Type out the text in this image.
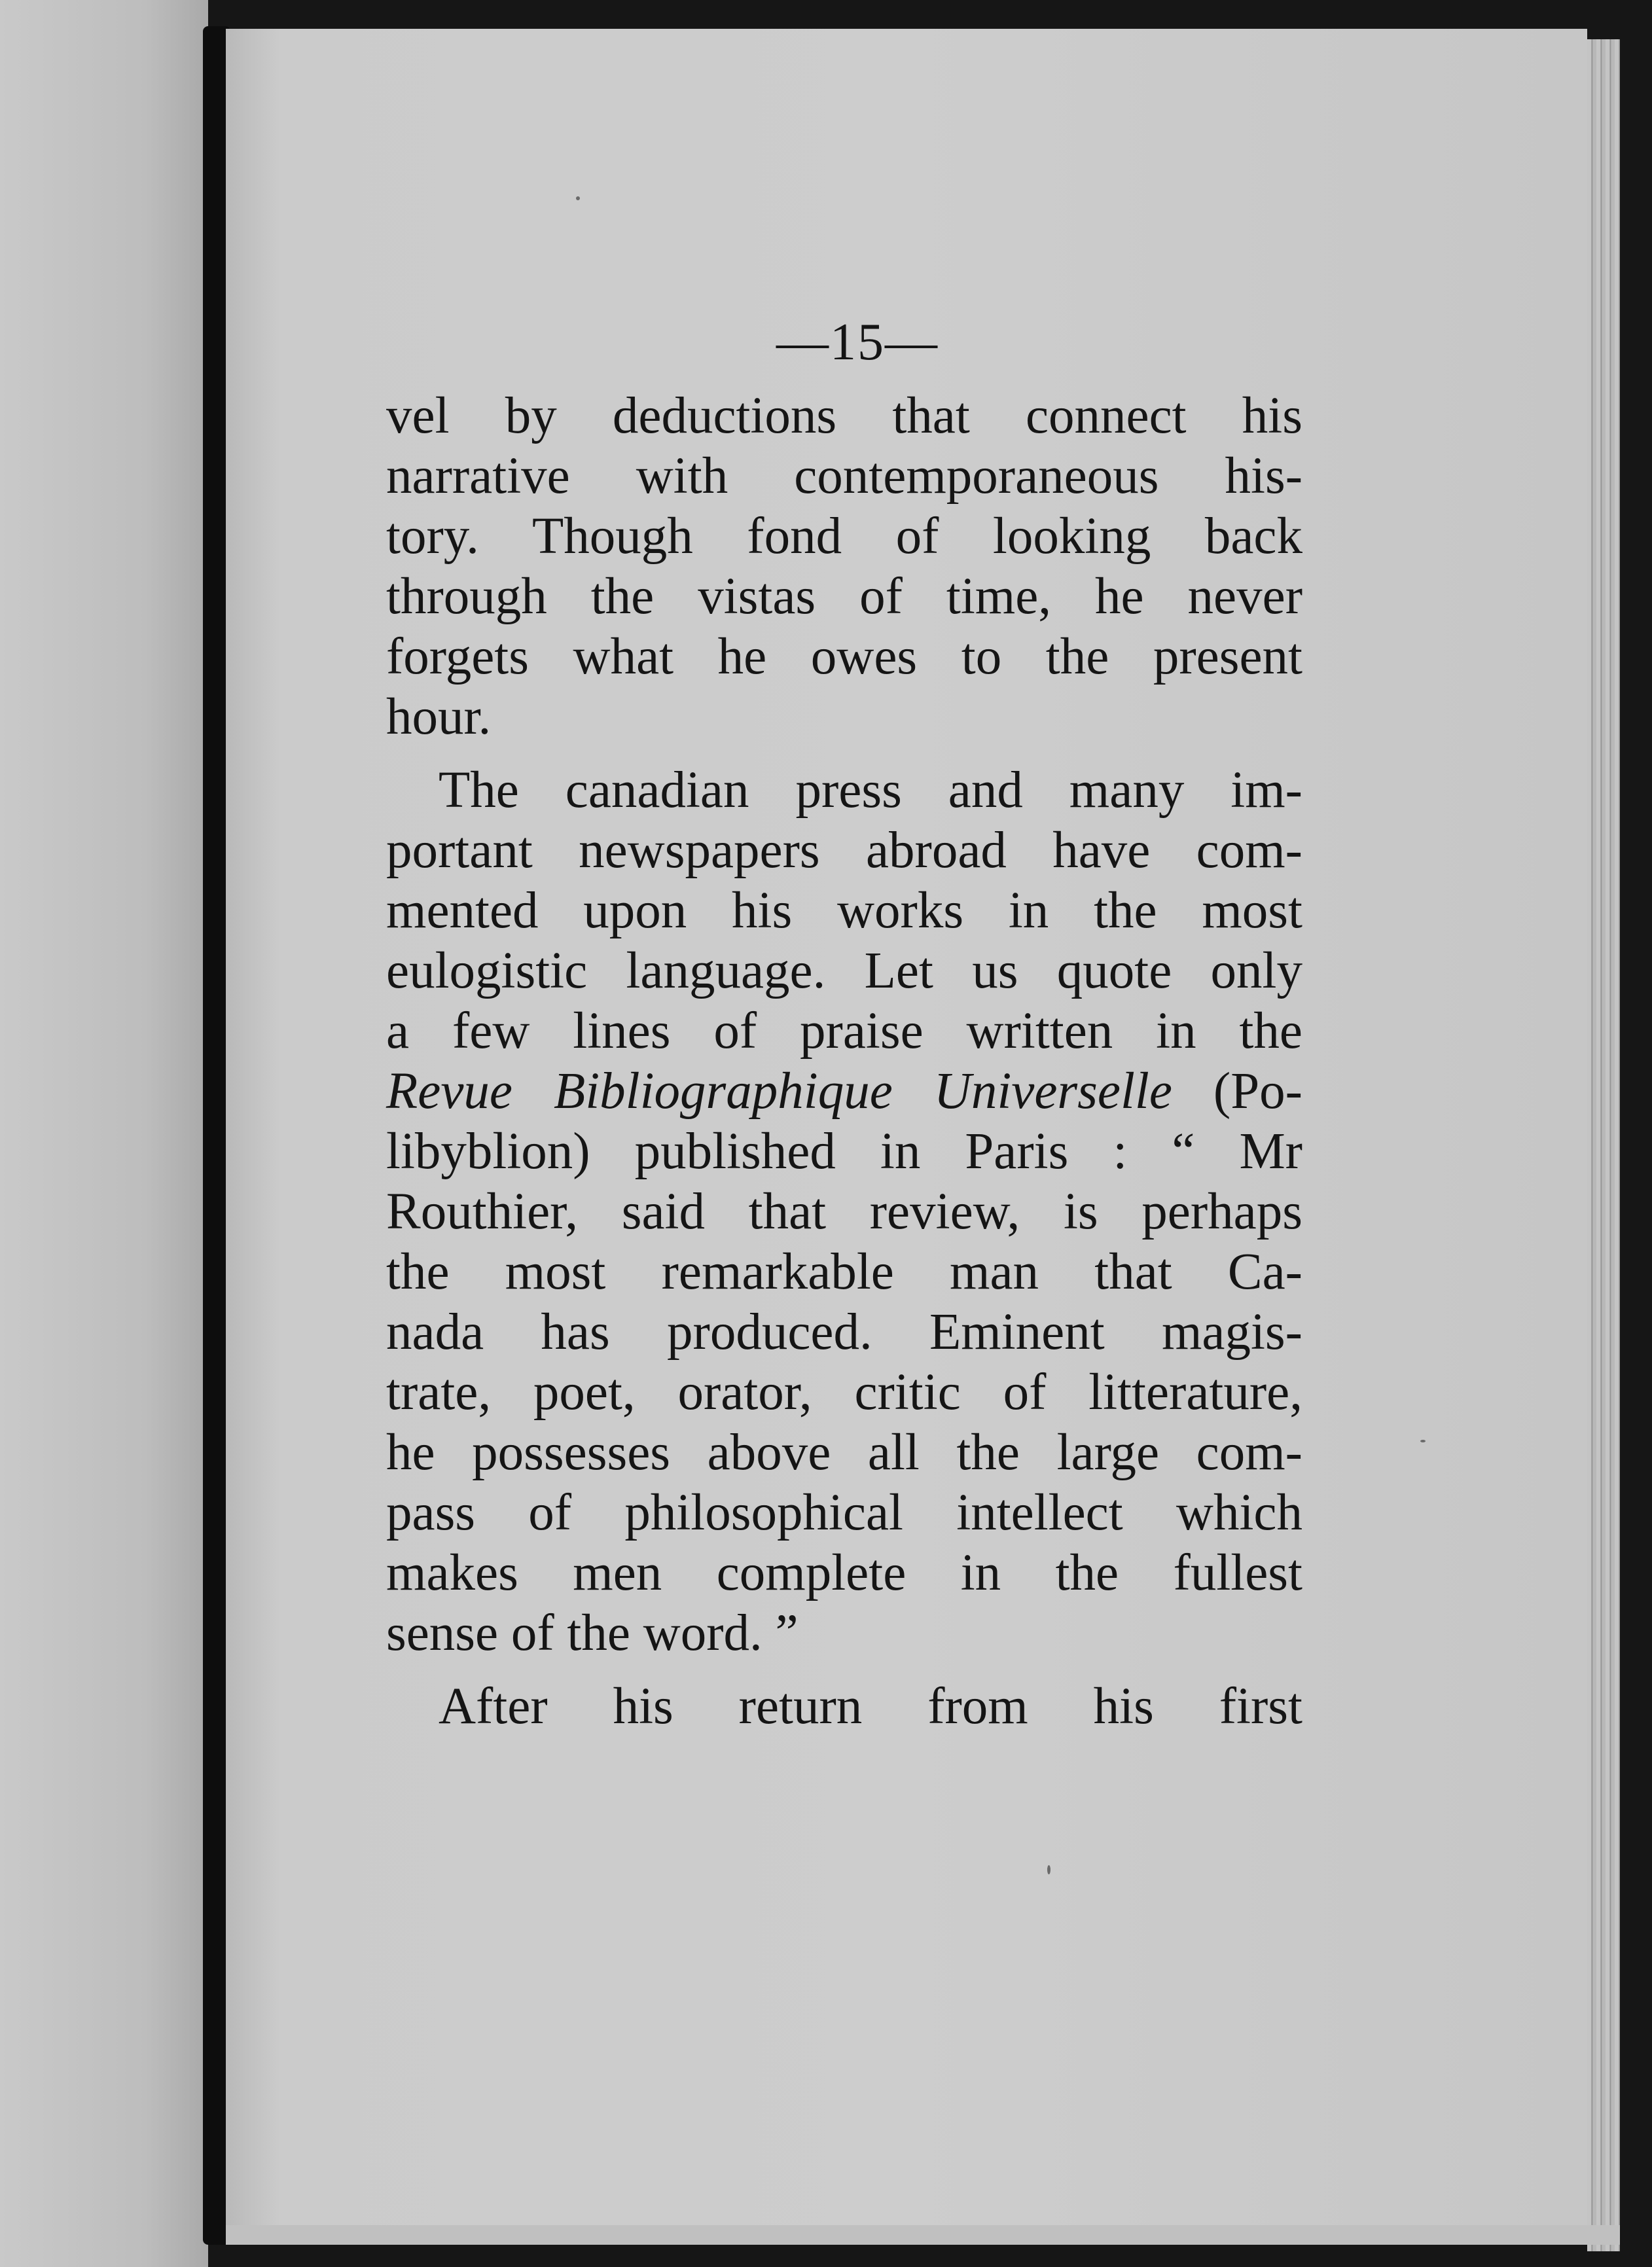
—15—
vel by deductions that connect his
narrative with contemporaneous his-
tory. Though fond of looking back
through the vistas of time, he never
forgets what he owes to the present
hour.
The canadian press and many im-
portant newspapers abroad have com-
mented upon his works in the most
eulogistic language. Let us quote only
a few lines of praise written in the
Revue Bibliographique Universelle (Po-
libyblion) published in Paris : “ Mr
Routhier, said that review, is perhaps
the most remarkable man that Ca-
nada has produced. Eminent magis-
trate, poet, orator, critic of litterature,
he possesses above all the large com-
pass of philosophical intellect which
makes men complete in the fullest
sense of the word. ”
After his return from his first
